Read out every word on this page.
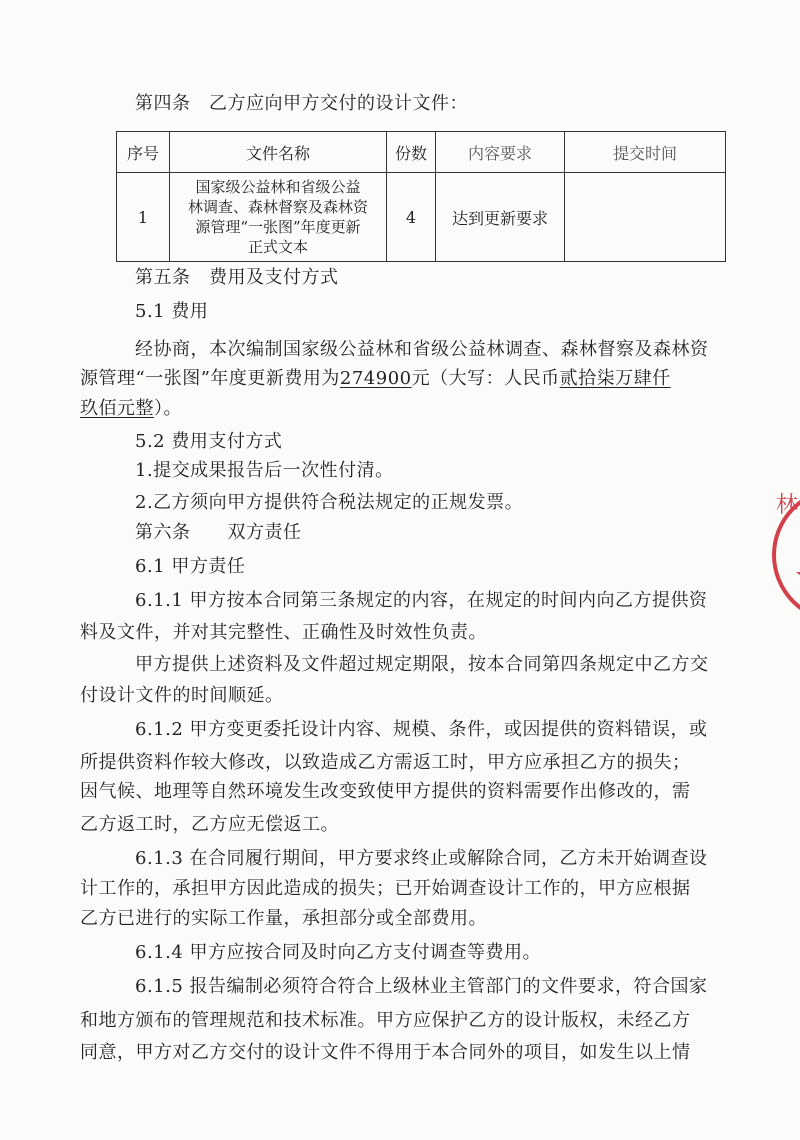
第四条　乙方应向甲方交付的设计文件：
序号	文件名称	份数	内容要求	提交时间
1	国家级公益林和省级公益
林调查、森林督察及森林资
源管理“一张图”年度更新
正式文本	4	达到更新要求	
第五条　费用及支付方式
5.1 费用
经协商，本次编制国家级公益林和省级公益林调查、森林督察及森林资
源管理“一张图”年度更新费用为274900元（大写：人民币贰拾柒万肆仟
玖佰元整）。
5.2 费用支付方式
1.提交成果报告后一次性付清。
2.乙方须向甲方提供符合税法规定的正规发票。
第六条　　双方责任
6.1 甲方责任
6.1.1 甲方按本合同第三条规定的内容，在规定的时间内向乙方提供资
料及文件，并对其完整性、正确性及时效性负责。
甲方提供上述资料及文件超过规定期限，按本合同第四条规定中乙方交
付设计文件的时间顺延。
6.1.2 甲方变更委托设计内容、规模、条件，或因提供的资料错误，或
所提供资料作较大修改，以致造成乙方需返工时，甲方应承担乙方的损失；
因气候、地理等自然环境发生改变致使甲方提供的资料需要作出修改的，需
乙方返工时，乙方应无偿返工。
6.1.3 在合同履行期间，甲方要求终止或解除合同，乙方未开始调查设
计工作的，承担甲方因此造成的损失；已开始调查设计工作的，甲方应根据
乙方已进行的实际工作量，承担部分或全部费用。
6.1.4 甲方应按合同及时向乙方支付调查等费用。
6.1.5 报告编制必须符合符合上级林业主管部门的文件要求，符合国家
和地方颁布的管理规范和技术标准。甲方应保护乙方的设计版权，未经乙方
同意，甲方对乙方交付的设计文件不得用于本合同外的项目，如发生以上情
林
